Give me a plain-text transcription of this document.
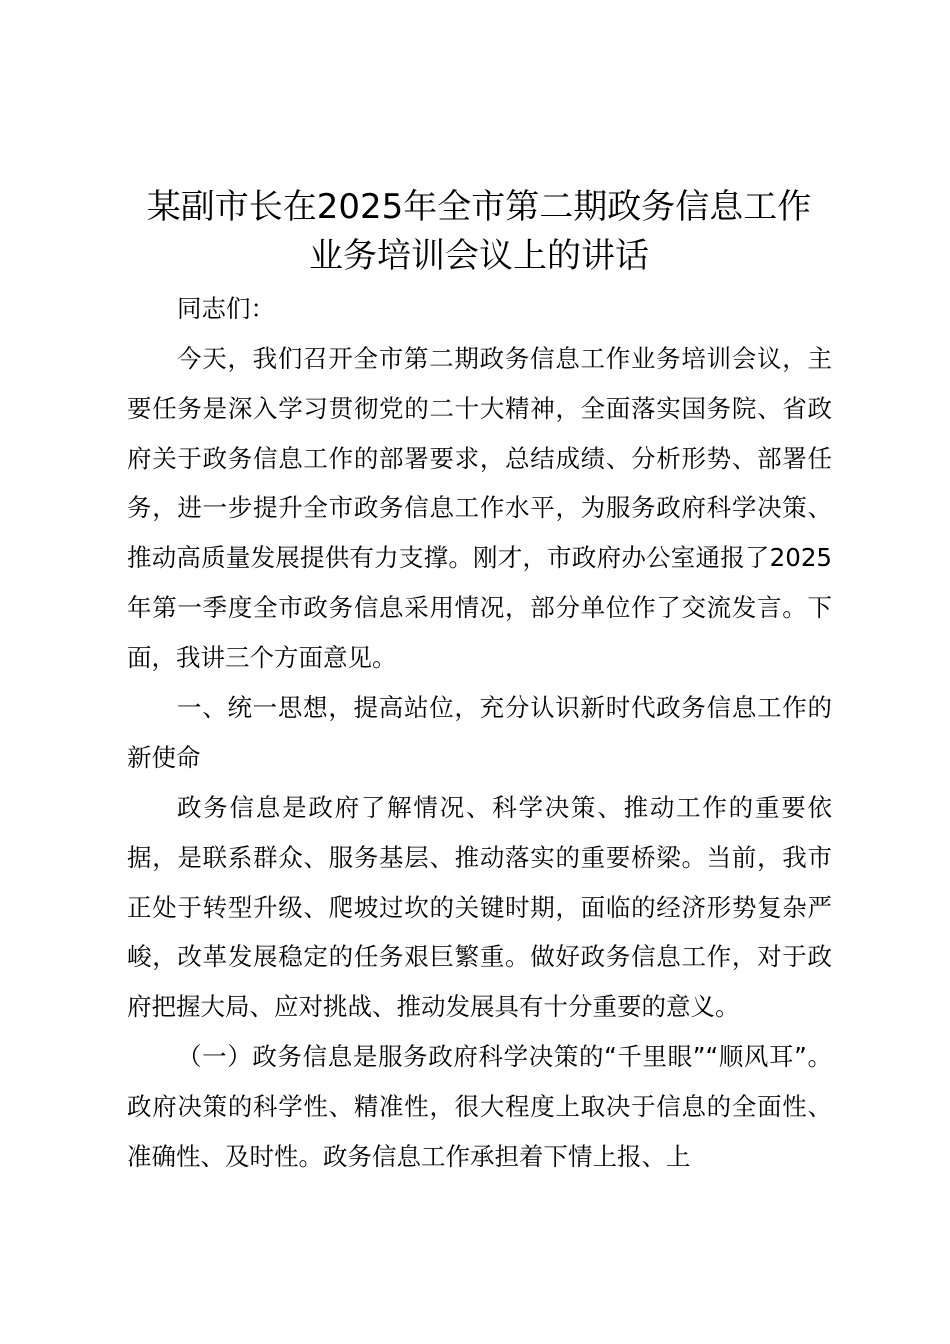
某副市长在2025年全市第二期政务信息工作
业务培训会议上的讲话

同志们：

今天，我们召开全市第二期政务信息工作业务培训会议，主要任务是深入学习贯彻党的二十大精神，全面落实国务院、省政府关于政务信息工作的部署要求，总结成绩、分析形势、部署任务，进一步提升全市政务信息工作水平，为服务政府科学决策、推动高质量发展提供有力支撑。刚才，市政府办公室通报了2025年第一季度全市政务信息采用情况，部分单位作了交流发言。下面，我讲三个方面意见。

一、统一思想，提高站位，充分认识新时代政务信息工作的新使命

政务信息是政府了解情况、科学决策、推动工作的重要依据，是联系群众、服务基层、推动落实的重要桥梁。当前，我市正处于转型升级、爬坡过坎的关键时期，面临的经济形势复杂严峻，改革发展稳定的任务艰巨繁重。做好政务信息工作，对于政府把握大局、应对挑战、推动发展具有十分重要的意义。

（一）政务信息是服务政府科学决策的“千里眼”“顺风耳”。政府决策的科学性、精准性，很大程度上取决于信息的全面性、准确性、及时性。政务信息工作承担着下情上报、上
